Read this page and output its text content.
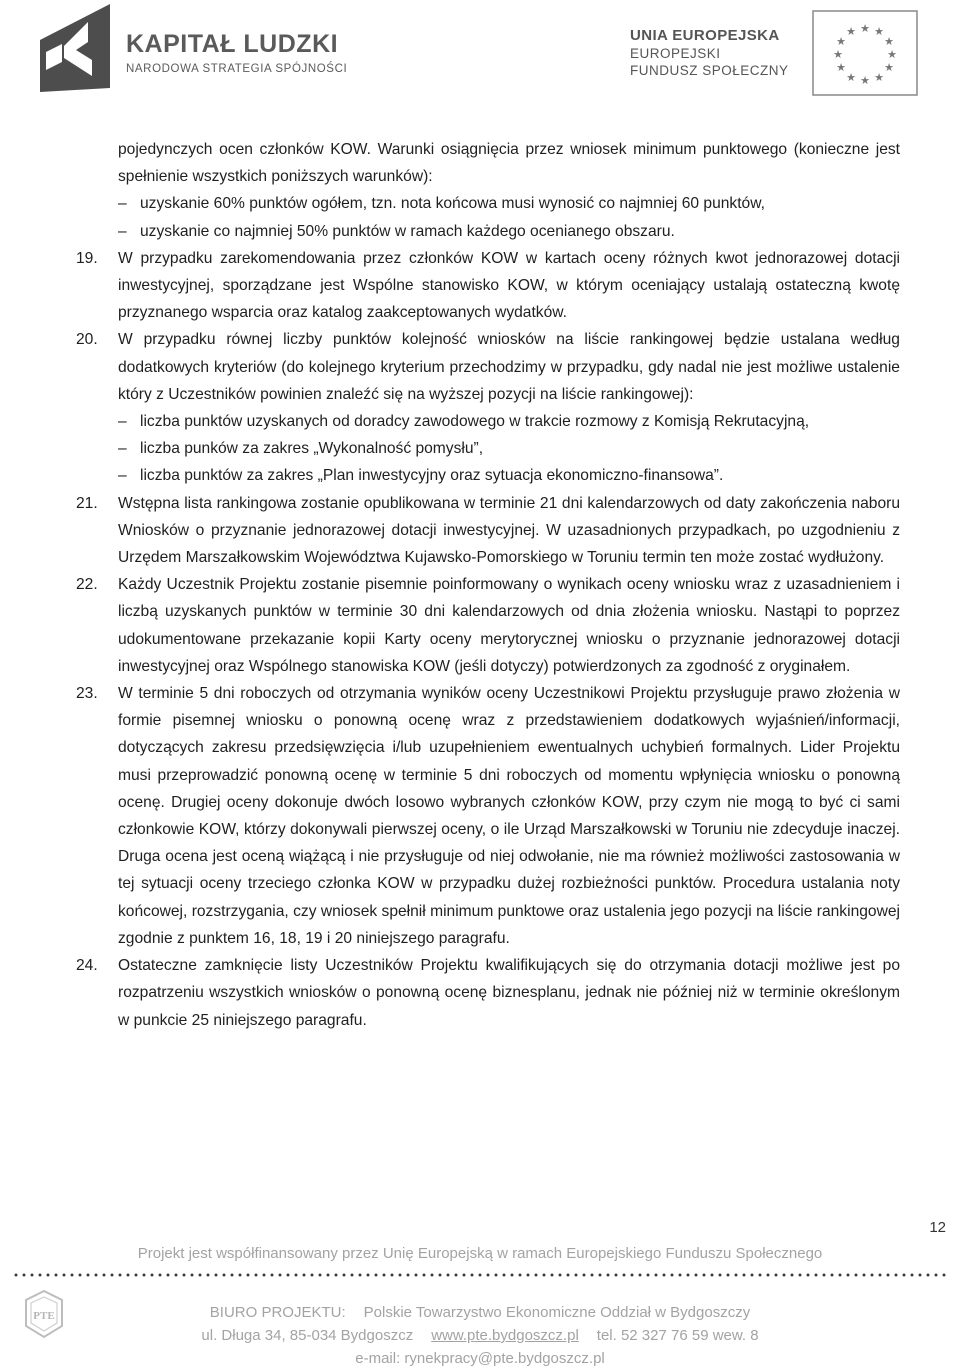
KAPITAŁ LUDZKI
NARODOWA STRATEGIA SPÓJNOŚCI
UNIA EUROPEJSKA
EUROPEJSKI
FUNDUSZ SPOŁECZNY
★ ★
★
★
★
★
★
★
★
★
★
★

pojedynczych ocen członków KOW. Warunki osiągnięcia przez wniosek minimum punktowego (konieczne jest spełnienie wszystkich poniższych warunków):

– uzyskanie 60% punktów ogółem, tzn. nota końcowa musi wynosić co najmniej 60 punktów,

– uzyskanie co najmniej 50% punktów w ramach każdego ocenianego obszaru.

19.	W przypadku zarekomendowania przez członków KOW w kartach oceny różnych kwot jednorazowej dotacji inwestycyjnej, sporządzane jest Wspólne stanowisko KOW, w którym oceniający ustalają ostateczną kwotę przyznanego wsparcia oraz katalog zaakceptowanych wydatków.
20.	W przypadku równej liczby punktów kolejność wniosków na liście rankingowej będzie ustalana według dodatkowych kryteriów (do kolejnego kryterium przechodzimy w przypadku, gdy nadal nie jest możliwe ustalenie który z Uczestników powinien znaleźć się na wyższej pozycji na liście rankingowej):

– liczba punktów uzyskanych od doradcy zawodowego w trakcie rozmowy z Komisją Rekrutacyjną,

– liczba punków za zakres „Wykonalność pomysłu”,

– liczba punktów za zakres „Plan inwestycyjny oraz sytuacja ekonomiczno-finansowa”.

21.	Wstępna lista rankingowa zostanie opublikowana w terminie 21 dni kalendarzowych od daty zakończenia naboru Wniosków o przyznanie jednorazowej dotacji inwestycyjnej. W uzasadnionych przypadkach, po uzgodnieniu z Urzędem Marszałkowskim Województwa Kujawsko-Pomorskiego w Toruniu termin ten może zostać wydłużony.
22.	Każdy Uczestnik Projektu zostanie pisemnie poinformowany o wynikach oceny wniosku wraz z uzasadnieniem i liczbą uzyskanych punktów w terminie 30 dni kalendarzowych od dnia złożenia wniosku. Nastąpi to poprzez udokumentowane przekazanie kopii Karty oceny merytorycznej wniosku o przyznanie jednorazowej dotacji inwestycyjnej oraz Wspólnego stanowiska KOW (jeśli dotyczy) potwierdzonych za zgodność z oryginałem.
23.	W terminie 5 dni roboczych od otrzymania wyników oceny Uczestnikowi Projektu przysługuje prawo złożenia w formie pisemnej wniosku o ponowną ocenę wraz z przedstawieniem dodatkowych wyjaśnień/informacji, dotyczących zakresu przedsięwzięcia i/lub uzupełnieniem ewentualnych uchybień formalnych. Lider Projektu musi przeprowadzić ponowną ocenę w terminie 5 dni roboczych od momentu wpłynięcia wniosku o ponowną ocenę. Drugiej oceny dokonuje dwóch losowo wybranych członków KOW, przy czym nie mogą to być ci sami członkowie KOW, którzy dokonywali pierwszej oceny, o ile Urząd Marszałkowski w Toruniu nie zdecyduje inaczej. Druga ocena jest oceną wiążącą i nie przysługuje od niej odwołanie, nie ma również możliwości zastosowania w tej sytuacji oceny trzeciego członka KOW w przypadku dużej rozbieżności punktów. Procedura ustalania noty końcowej, rozstrzygania, czy wniosek spełnił minimum punktowe oraz ustalenia jego pozycji na liście rankingowej zgodnie z punktem 16, 18, 19 i 20 niniejszego paragrafu.
24.	Ostateczne zamknięcie listy Uczestników Projektu kwalifikujących się do otrzymania dotacji możliwe jest po rozpatrzeniu wszystkich wniosków o ponowną ocenę biznesplanu, jednak nie później niż w terminie określonym w punkcie 25 niniejszego paragrafu.
12
Projekt jest współfinansowany przez Unię Europejską w ramach Europejskiego Funduszu Społecznego
PTE	BIURO PROJEKTU: Polskie Towarzystwo Ekonomiczne Oddział w Bydgoszczy
ul. Długa 34, 85-034 Bydgoszcz www.pte.bydgoszcz.pl tel. 52 327 76 59 wew. 8
e-mail: rynekpracy@pte.bydgoszcz.pl
